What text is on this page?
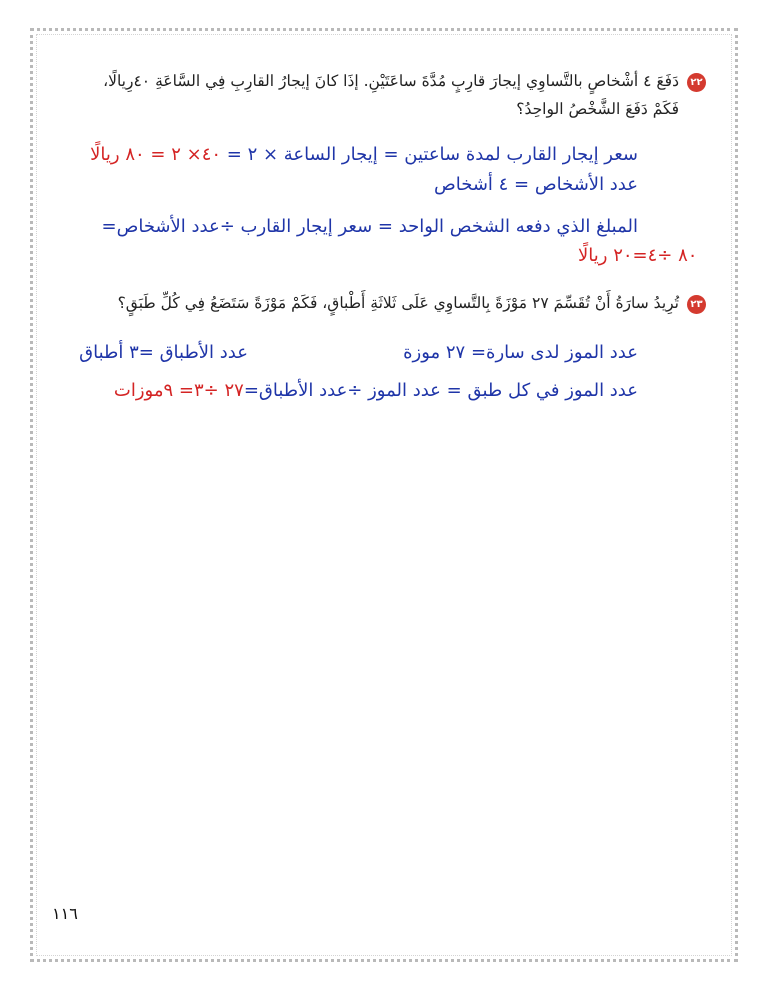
٢٢دَفَعَ ٤ أشْخاصٍ بالتَّساوِي إيجارَ قارِبٍ مُدَّةَ ساعَتَيْنِ. إذَا كانَ إيجارُ القارِبِ فِي السَّاعَةِ ٤٠رِيالًا،
فَكَمْ دَفَعَ الشَّخْصُ الواحِدُ؟
سعر إيجار القارب لمدة ساعتين = إيجار الساعة × ٢ = ٤٠× ٢ = ٨٠ ريالًا
عدد الأشخاص = ٤ أشخاص
المبلغ الذي دفعه الشخص الواحد = سعر إيجار القارب ÷عدد الأشخاص=
٨٠ ÷٤=٢٠ ريالًا
٢٣تُرِيدُ سارَةُ أَنْ تُقَسِّمَ ٢٧ مَوْزَةً بِالتَّساوِي عَلَى ثَلاثَةِ أَطْباقٍ، فَكَمْ مَوْزَةً سَتَضَعُ فِي كُلِّ طَبَقٍ؟
عدد الموز لدى سارة= ٢٧ موزة
عدد الأطباق =٣ أطباق
عدد الموز في كل طبق = عدد الموز ÷عدد الأطباق=٢٧ ÷٣= ٩موزات
١١٦
